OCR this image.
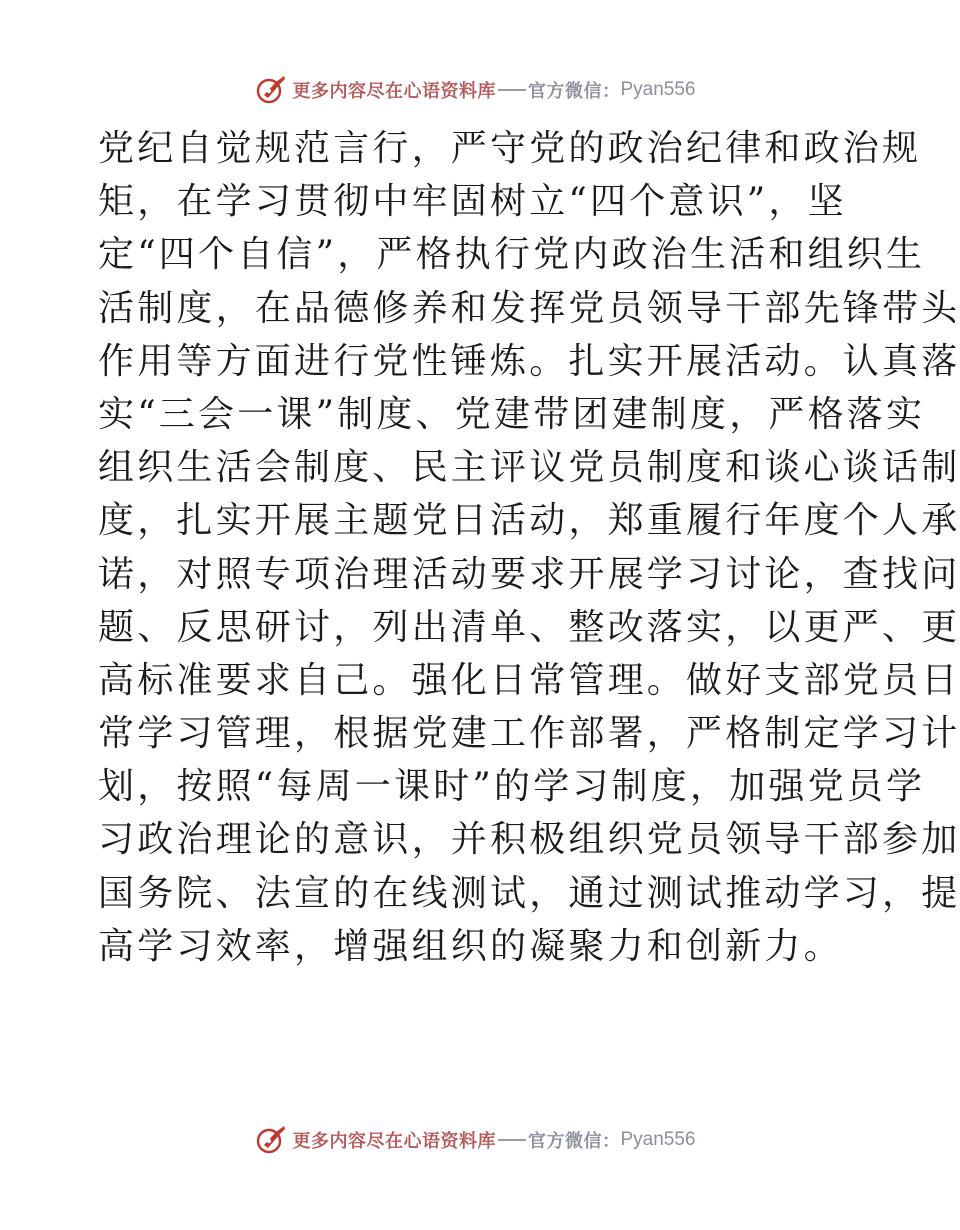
更多内容尽在心语资料库 官方微信： Pyan556
党纪自觉规范言行，严守党的政治纪律和政治规
矩，在学习贯彻中牢固树立“四个意识”，坚
定“四个自信”，严格执行党内政治生活和组织生
活制度，在品德修养和发挥党员领导干部先锋带头
作用等方面进行党性锤炼。扎实开展活动。认真落
实“三会一课”制度、党建带团建制度，严格落实
组织生活会制度、民主评议党员制度和谈心谈话制
度，扎实开展主题党日活动，郑重履行年度个人承
诺，对照专项治理活动要求开展学习讨论，查找问
题、反思研讨，列出清单、整改落实，以更严、更
高标准要求自己。强化日常管理。做好支部党员日
常学习管理，根据党建工作部署，严格制定学习计
划，按照“每周一课时”的学习制度，加强党员学
习政治理论的意识，并积极组织党员领导干部参加
国务院、法宣的在线测试，通过测试推动学习，提
高学习效率，增强组织的凝聚力和创新力。
更多内容尽在心语资料库 官方微信： Pyan556
